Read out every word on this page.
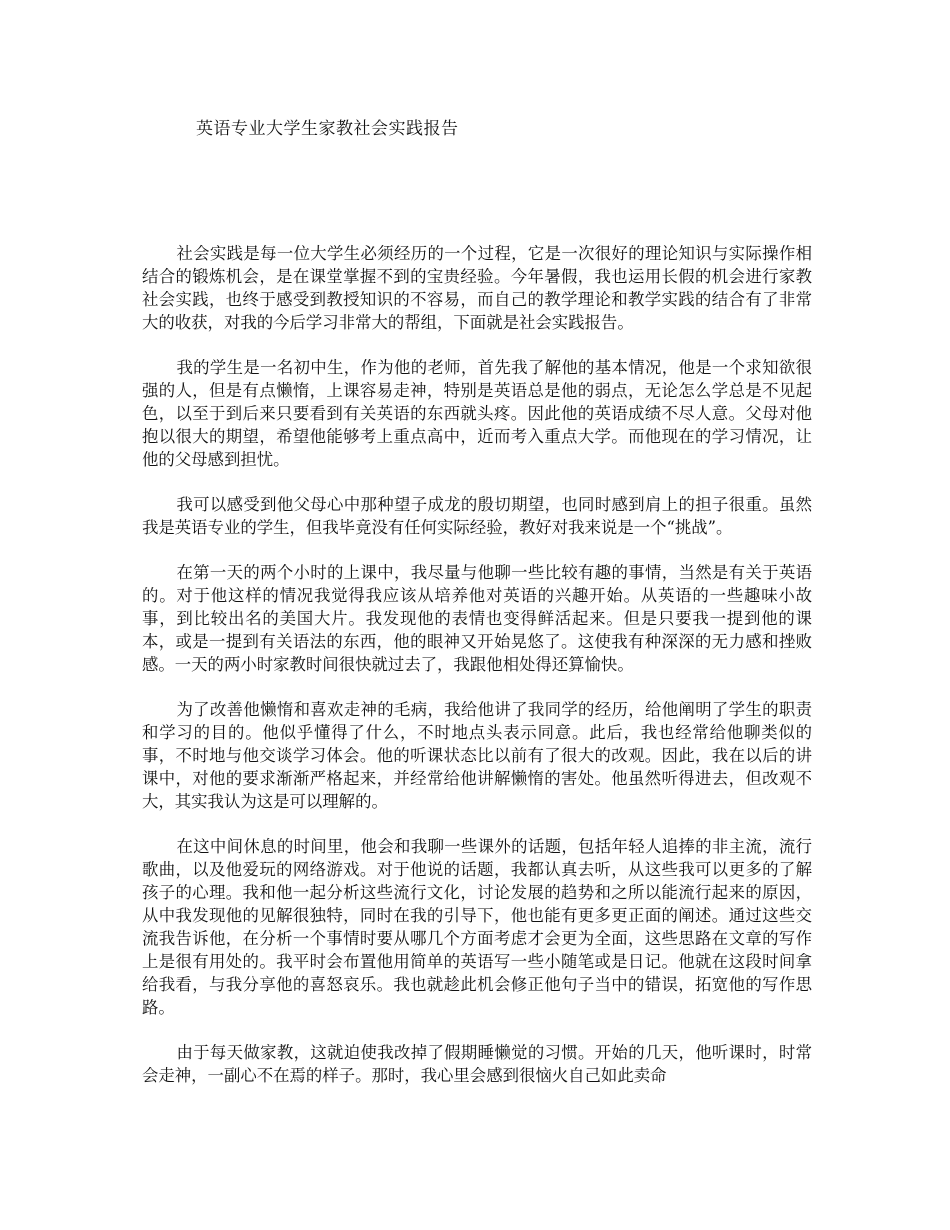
英语专业大学生家教社会实践报告

社会实践是每一位大学生必须经历的一个过程，它是一次很好的理论知识与实际操作相结合的锻炼机会，是在课堂掌握不到的宝贵经验。今年暑假，我也运用长假的机会进行家教社会实践，也终于感受到教授知识的不容易，而自己的教学理论和教学实践的结合有了非常大的收获，对我的今后学习非常大的帮组，下面就是社会实践报告。

我的学生是一名初中生，作为他的老师，首先我了解他的基本情况，他是一个求知欲很强的人，但是有点懒惰，上课容易走神，特别是英语总是他的弱点，无论怎么学总是不见起色，以至于到后来只要看到有关英语的东西就头疼。因此他的英语成绩不尽人意。父母对他抱以很大的期望，希望他能够考上重点高中，近而考入重点大学。而他现在的学习情况，让他的父母感到担忧。

我可以感受到他父母心中那种望子成龙的殷切期望，也同时感到肩上的担子很重。虽然我是英语专业的学生，但我毕竟没有任何实际经验，教好对我来说是一个“挑战”。

在第一天的两个小时的上课中，我尽量与他聊一些比较有趣的事情，当然是有关于英语的。对于他这样的情况我觉得我应该从培养他对英语的兴趣开始。从英语的一些趣味小故事，到比较出名的美国大片。我发现他的表情也变得鲜活起来。但是只要我一提到他的课本，或是一提到有关语法的东西，他的眼神又开始晃悠了。这使我有种深深的无力感和挫败感。一天的两小时家教时间很快就过去了，我跟他相处得还算愉快。

为了改善他懒惰和喜欢走神的毛病，我给他讲了我同学的经历，给他阐明了学生的职责和学习的目的。他似乎懂得了什么，不时地点头表示同意。此后，我也经常给他聊类似的事，不时地与他交谈学习体会。他的听课状态比以前有了很大的改观。因此，我在以后的讲课中，对他的要求渐渐严格起来，并经常给他讲解懒惰的害处。他虽然听得进去，但改观不大，其实我认为这是可以理解的。

在这中间休息的时间里，他会和我聊一些课外的话题，包括年轻人追捧的非主流，流行歌曲，以及他爱玩的网络游戏。对于他说的话题，我都认真去听，从这些我可以更多的了解孩子的心理。我和他一起分析这些流行文化，讨论发展的趋势和之所以能流行起来的原因，从中我发现他的见解很独特，同时在我的引导下，他也能有更多更正面的阐述。通过这些交流我告诉他，在分析一个事情时要从哪几个方面考虑才会更为全面，这些思路在文章的写作上是很有用处的。我平时会布置他用简单的英语写一些小随笔或是日记。他就在这段时间拿给我看，与我分享他的喜怒哀乐。我也就趁此机会修正他句子当中的错误，拓宽他的写作思路。

由于每天做家教，这就迫使我改掉了假期睡懒觉的习惯。开始的几天，他听课时，时常会走神，一副心不在焉的样子。那时，我心里会感到很恼火自己如此卖命
